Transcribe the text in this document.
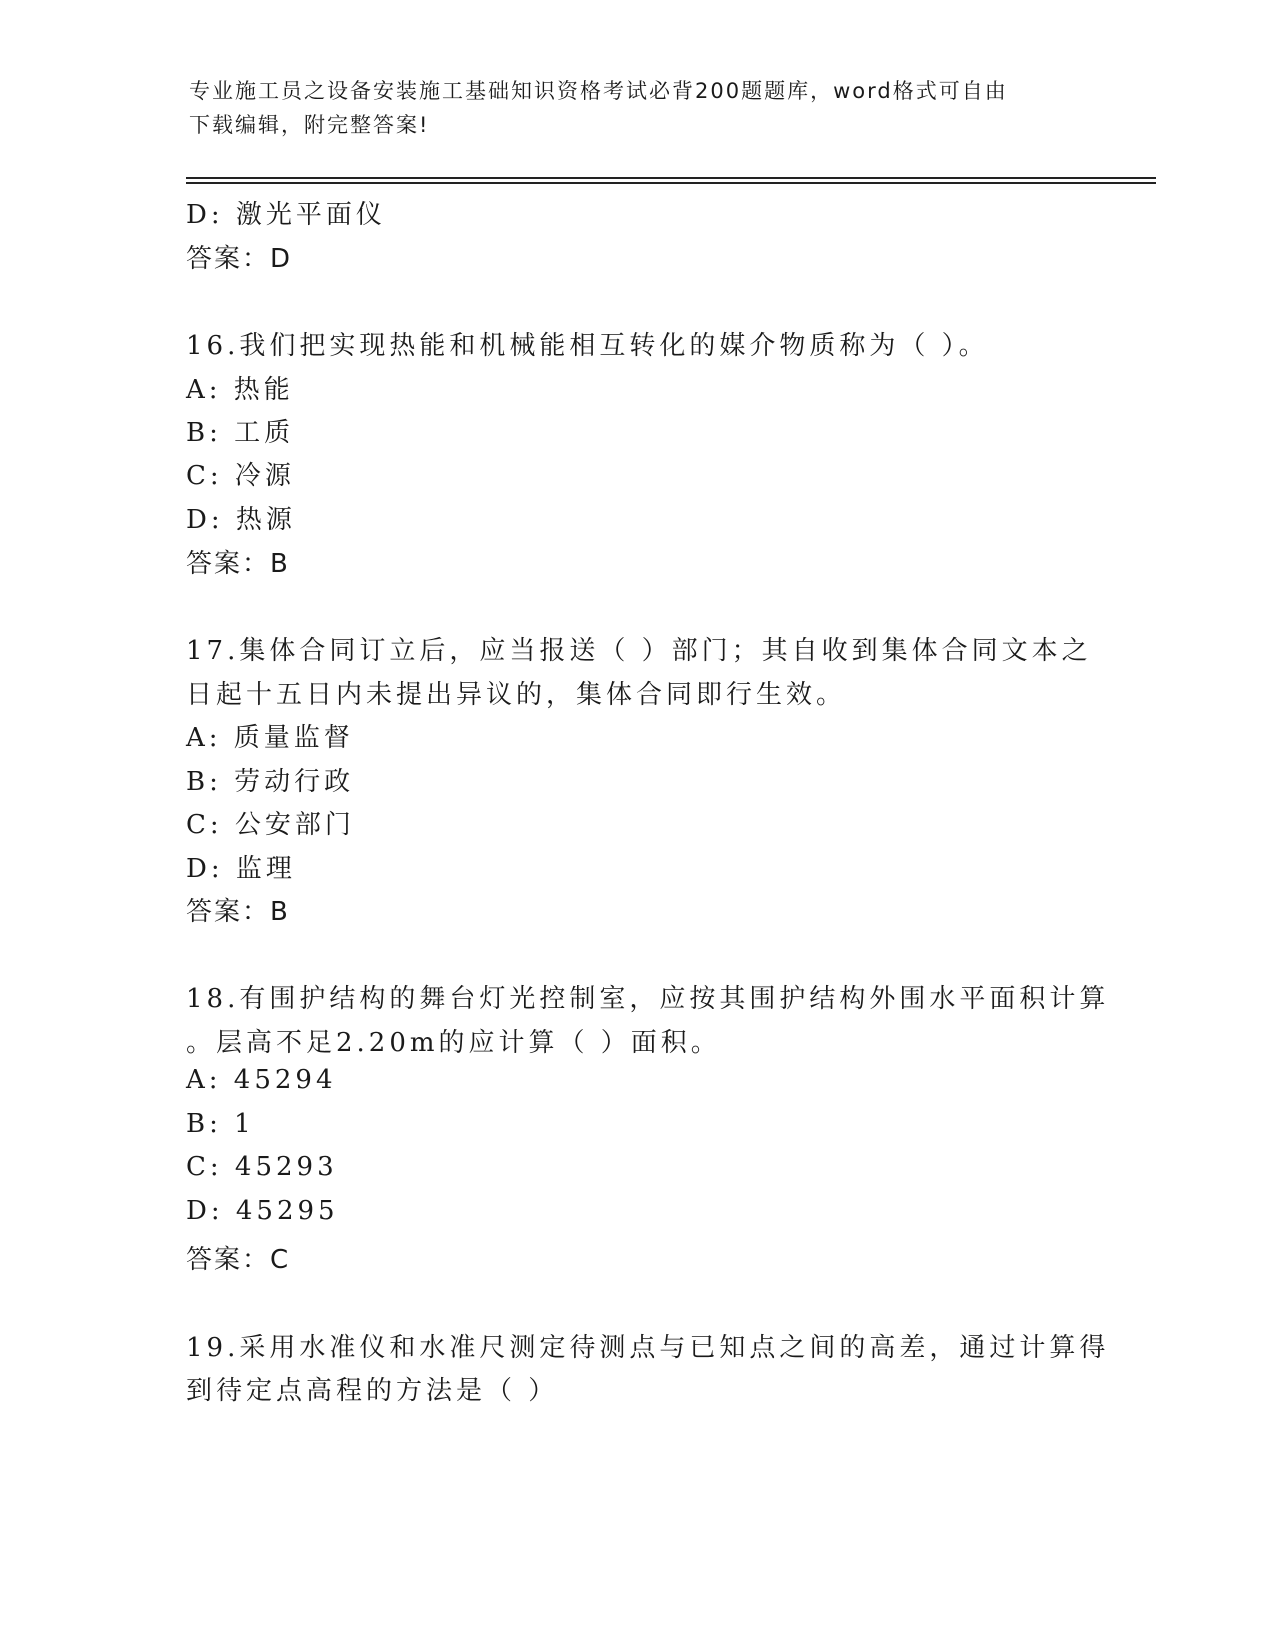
专业施工员之设备安装施工基础知识资格考试必背200题题库，word格式可自由
下载编辑，附完整答案!
D: 激光平面仪
答案：D
16.我们把实现热能和机械能相互转化的媒介物质称为（ ）。
A: 热能
B: 工质
C: 冷源
D: 热源
答案：B
17.集体合同订立后，应当报送（ ）部门；其自收到集体合同文本之
日起十五日内未提出异议的，集体合同即行生效。
A: 质量监督
B: 劳动行政
C: 公安部门
D: 监理
答案：B
18.有围护结构的舞台灯光控制室，应按其围护结构外围水平面积计算
。层高不足2.20m的应计算（ ）面积。
A: 45294
B: 1
C: 45293
D: 45295
答案：C
19.采用水准仪和水准尺测定待测点与已知点之间的高差，通过计算得
到待定点高程的方法是（ ）
